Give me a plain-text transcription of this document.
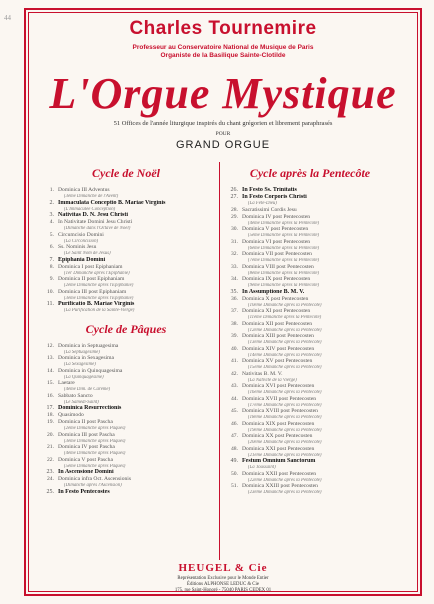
44	Charles Tournemire
Professeur au Conservatoire National de Musique de Paris
Organiste de la Basilique Sainte-Clotilde
L'Orgue Mystique
51 Offices de l'année liturgique inspirés du chant grégorien et librement paraphrasés
POUR
GRAND ORGUE
Cycle de Noël
1. Dominica III Adventus
(3ème Dimanche de l'Avent)
2. Immaculata Conceptio B. Mariae Virginis
(L'Immaculée Conception)
3. Nativitas D. N. Jesu Christi
4. In Nativitate Domini Jesu Christi
(Dimanche dans l'Octave de Noël)
5. Circumcisio Domini
(La Circoncision)
6. Ss. Nominis Jesu
(Le Saint Nom de Jésus)
7. Epiphania Domini
8. Dominica I post Epiphaniam
(1er Dimanche après l'Épiphanie)
9. Dominica II post Epiphaniam
(2ème Dimanche après l'Épiphanie)
10. Dominica III post Epiphaniam
(3ème Dimanche après l'Épiphanie)
11. Purificatio B. Mariae Virginis
(La Purification de la Sainte-Vierge)
Cycle de Pâques
12. Dominica in Septuagesima
(La Septuagésime)
13. Dominica in Sexagesima
(La Sexagésime)
14. Dominica in Quinquagesima
(La Quinquagésime)
15. Laetare
(4ème Dim. de Carême)
16. Sabbato Sancto
(Le Samedi-Saint)
17. Dominica Resurrectionis
18. Quasimodo
19. Dominica II post Pascha
(2ème Dimanche après Pâques)
20. Dominica III post Pascha
(3ème Dimanche après Pâques)
21. Dominica IV post Pascha
(4ème Dimanche après Pâques)
22. Dominica V post Pascha
(5ème Dimanche après Pâques)
23. In Ascensione Domini
24. Dominica infra Oct. Ascensionis
(Dimanche après l'Ascension)
25. In Festo Pentecostes
Cycle après la Pentecôte
26. In Festo Ss. Trinitatis
27. In Festo Corporis Christi
(La Fête-Dieu)
28. Sacratissimi Cordis Jesu
29. Dominica IV post Pentecosten
(4ème Dimanche après la Pentecôte)
30. Dominica V post Pentecosten
(5ème Dimanche après la Pentecôte)
31. Dominica VI post Pentecosten
(6ème Dimanche après la Pentecôte)
32. Dominica VII post Pentecosten
(7ème Dimanche après la Pentecôte)
33. Dominica VIII post Pentecosten
(8ème Dimanche après la Pentecôte)
34. Dominica IX post Pentecosten
(9ème Dimanche après la Pentecôte)
35. In Assumptione B. M. V.
36. Dominica X post Pentecosten
(10ème Dimanche après la Pentecôte)
37. Dominica XI post Pentecosten
(11ème Dimanche après la Pentecôte)
38. Dominica XII post Pentecosten
(12ème Dimanche après la Pentecôte)
39. Dominica XIII post Pentecosten
(13ème Dimanche après la Pentecôte)
40. Dominica XIV post Pentecosten
(14ème Dimanche après la Pentecôte)
41. Dominica XV post Pentecosten
(15ème Dimanche après la Pentecôte)
42. Nativitas B. M. V.
(La Nativité de la Vierge)
43. Dominica XVI post Pentecosten
(16ème Dimanche après la Pentecôte)
44. Dominica XVII post Pentecosten
(17ème Dimanche après la Pentecôte)
45. Dominica XVIII post Pentecosten
(18ème Dimanche après la Pentecôte)
46. Dominica XIX post Pentecosten
(19ème Dimanche après la Pentecôte)
47. Dominica XX post Pentecosten
(20ème Dimanche après la Pentecôte)
48. Dominica XXI post Pentecosten
(21ème Dimanche après la Pentecôte)
49. Festum Omnium Sanctorum
(La Toussaint)
50. Dominica XXII post Pentecosten
(22ème Dimanche après la Pentecôte)
51. Dominica XXIII post Pentecosten
(23ème Dimanche après la Pentecôte)
HEUGEL & Cie
Représentation Exclusive pour le Monde Entier
Éditions ALPHONSE LEDUC & Cie
175, rue Saint-Honoré - 75040 PARIS CEDEX 01
